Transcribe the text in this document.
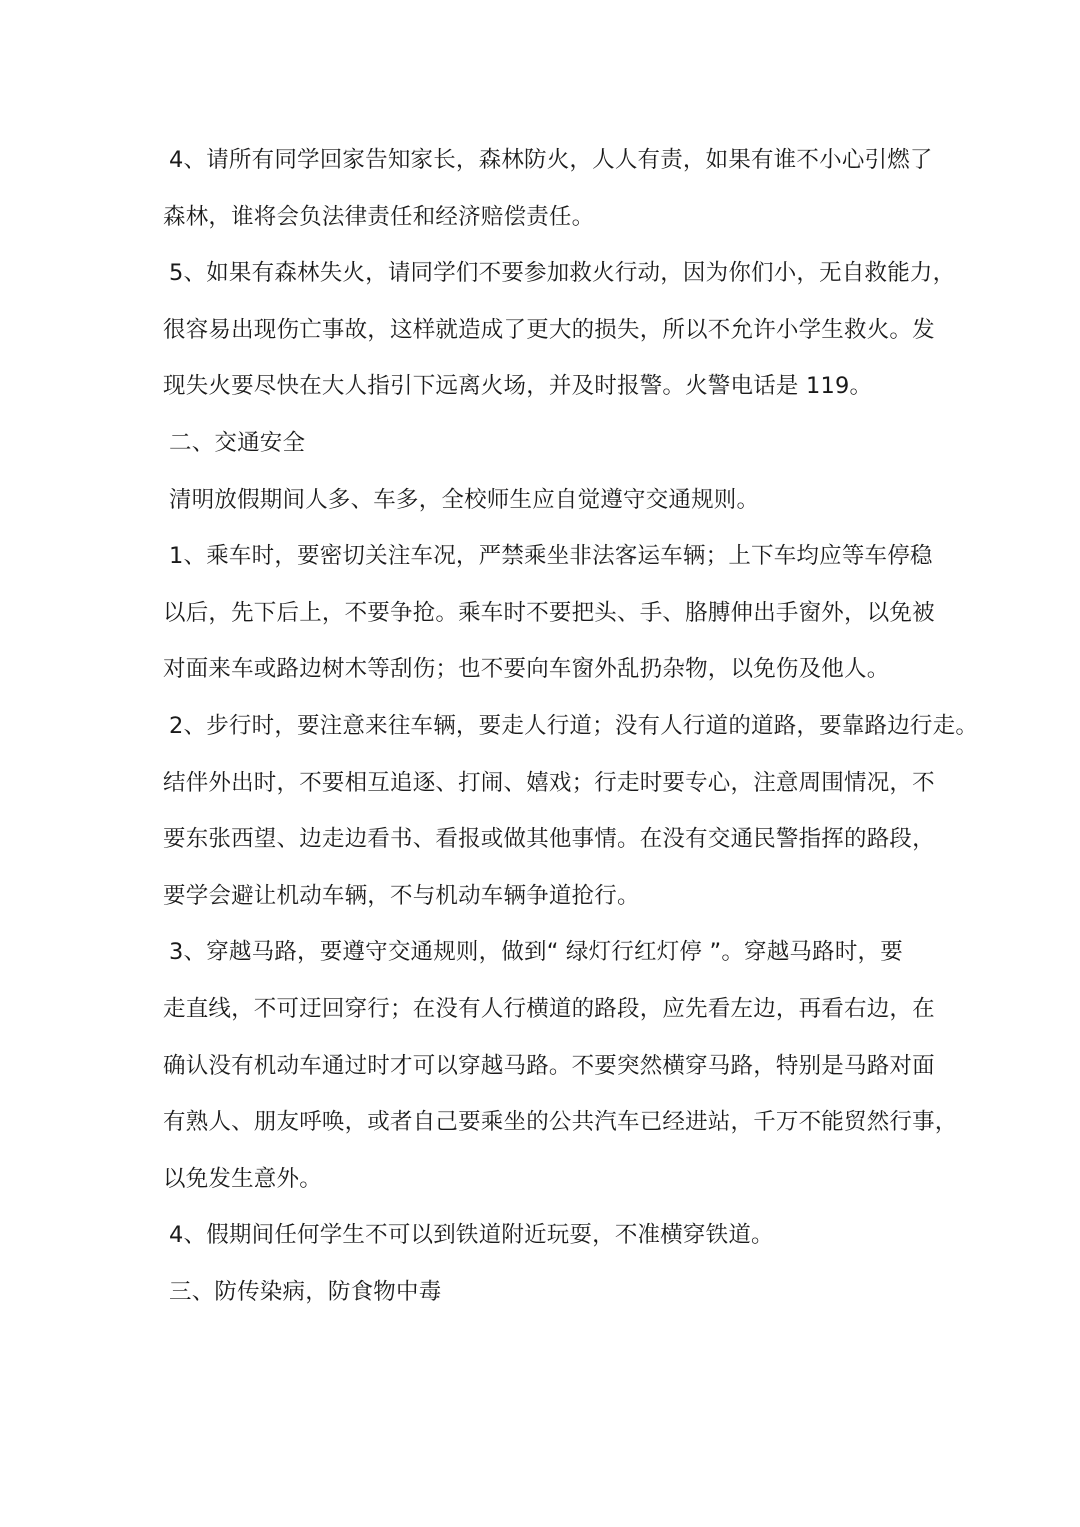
4、请所有同学回家告知家长，森林防火，人人有责，如果有谁不小心引燃了
森林，谁将会负法律责任和经济赔偿责任。
5、如果有森林失火，请同学们不要参加救火行动，因为你们小，无自救能力，
很容易出现伤亡事故，这样就造成了更大的损失，所以不允许小学生救火。发
现失火要尽快在大人指引下远离火场，并及时报警。火警电话是 119。
二、交通安全
清明放假期间人多、车多，全校师生应自觉遵守交通规则。
1、乘车时，要密切关注车况，严禁乘坐非法客运车辆；上下车均应等车停稳
以后，先下后上，不要争抢。乘车时不要把头、手、胳膊伸出手窗外，以免被
对面来车或路边树木等刮伤；也不要向车窗外乱扔杂物，以免伤及他人。
2、步行时，要注意来往车辆，要走人行道；没有人行道的道路，要靠路边行走。
结伴外出时，不要相互追逐、打闹、嬉戏；行走时要专心，注意周围情况，不
要东张西望、边走边看书、看报或做其他事情。在没有交通民警指挥的路段，
要学会避让机动车辆，不与机动车辆争道抢行。
3、穿越马路，要遵守交通规则，做到“ 绿灯行红灯停 ”。穿越马路时，要
走直线，不可迂回穿行；在没有人行横道的路段，应先看左边，再看右边，在
确认没有机动车通过时才可以穿越马路。不要突然横穿马路，特别是马路对面
有熟人、朋友呼唤，或者自己要乘坐的公共汽车已经进站，千万不能贸然行事，
以免发生意外。
4、假期间任何学生不可以到铁道附近玩耍，不准横穿铁道。
三、防传染病，防食物中毒
